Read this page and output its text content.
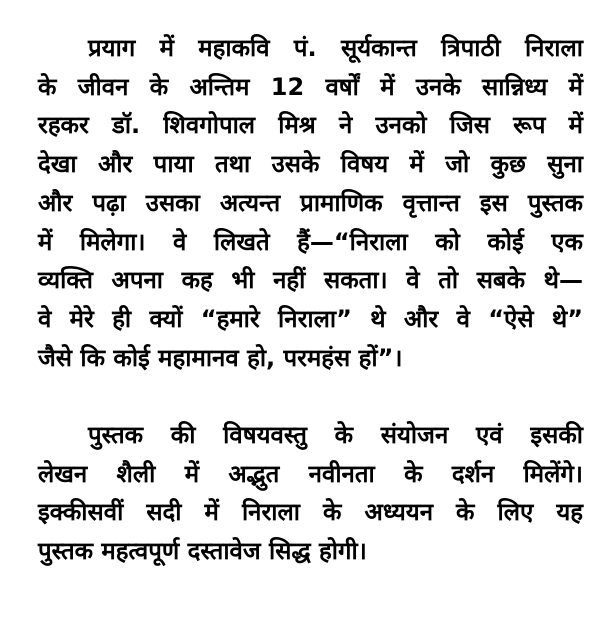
प्रयाग में महाकवि पं. सूर्यकान्त त्रिपाठी निराला
के जीवन के अन्तिम 12 वर्षों में उनके सान्निध्य में
रहकर डॉ. शिवगोपाल मिश्र ने उनको जिस रूप में
देखा और पाया तथा उसके विषय में जो कुछ सुना
और पढ़ा उसका अत्यन्त प्रामाणिक वृत्तान्त इस पुस्तक
में मिलेगा। वे लिखते हैं—“निराला को कोई एक
व्यक्ति अपना कह भी नहीं सकता। वे तो सबके थे—
वे मेरे ही क्यों “हमारे निराला” थे और वे “ऐसे थे”
जैसे कि कोई महामानव हो, परमहंस हों”।

पुस्तक की विषयवस्तु के संयोजन एवं इसकी
लेखन शैली में अद्भुत नवीनता के दर्शन मिलेंगे।
इक्कीसवीं सदी में निराला के अध्ययन के लिए यह
पुस्तक महत्वपूर्ण दस्तावेज सिद्ध होगी।
